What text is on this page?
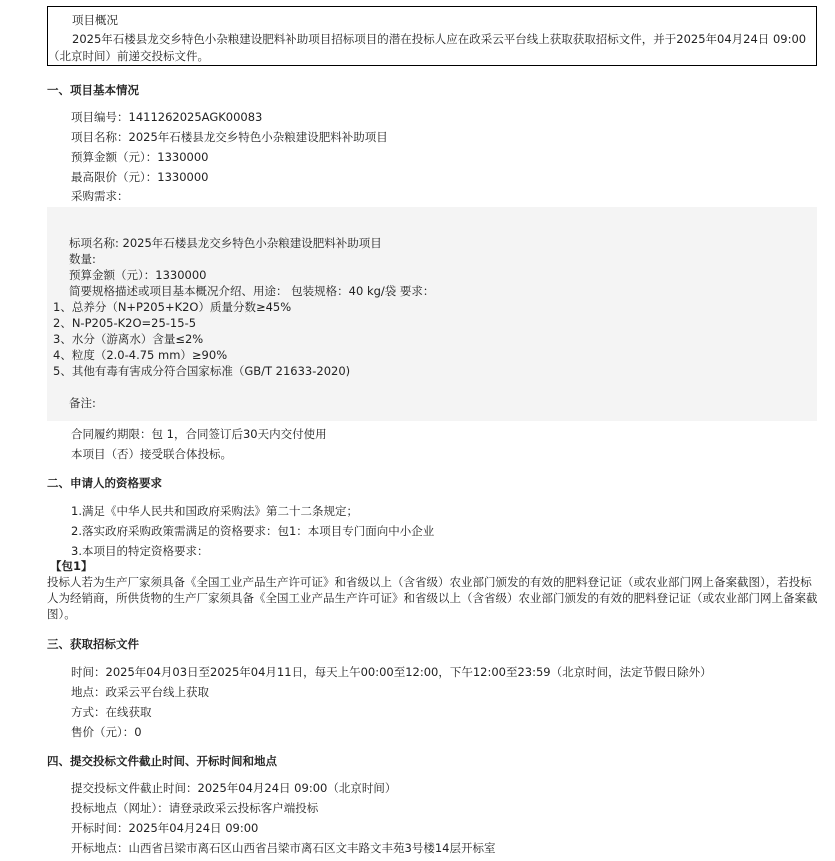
项目概况
2025年石楼县龙交乡特色小杂粮建设肥料补助项目招标项目的潜在投标人应在政采云平台线上获取获取招标文件，并于2025年04月24日 09:00（北京时间）前递交投标文件。
一、项目基本情况
项目编号：1411262025AGK00083
项目名称：2025年石楼县龙交乡特色小杂粮建设肥料补助项目
预算金额（元）：1330000
最高限价（元）：1330000
采购需求：
标项名称: 2025年石楼县龙交乡特色小杂粮建设肥料补助项目
数量:
预算金额（元）：1330000
简要规格描述或项目基本概况介绍、用途： 包装规格：40 kg/袋 要求：
1、总养分（N+P205+K2O）质量分数≥45%
2、N-P205-K2O=25-15-5
3、水分（游离水）含量≤2%
4、粒度（2.0-4.75 mm）≥90%
5、其他有毒有害成分符合国家标准（GB/T 21633-2020)
备注:
合同履约期限：包 1，合同签订后30天内交付使用
本项目（否）接受联合体投标。
二、申请人的资格要求
1.满足《中华人民共和国政府采购法》第二十二条规定；
2.落实政府采购政策需满足的资格要求：包1：本项目专门面向中小企业
3.本项目的特定资格要求：
【包1】
投标人若为生产厂家须具备《全国工业产品生产许可证》和省级以上（含省级）农业部门颁发的有效的肥料登记证（或农业部门网上备案截图），若投标人为经销商，所供货物的生产厂家须具备《全国工业产品生产许可证》和省级以上（含省级）农业部门颁发的有效的肥料登记证（或农业部门网上备案截图）。
三、获取招标文件
时间：2025年04月03日至2025年04月11日，每天上午00:00至12:00，下午12:00至23:59（北京时间，法定节假日除外）
地点：政采云平台线上获取
方式：在线获取
售价（元）：0
四、提交投标文件截止时间、开标时间和地点
提交投标文件截止时间：2025年04月24日 09:00（北京时间）
投标地点（网址）：请登录政采云投标客户端投标
开标时间：2025年04月24日 09:00
开标地点：山西省吕梁市离石区山西省吕梁市离石区文丰路文丰苑3号楼14层开标室
